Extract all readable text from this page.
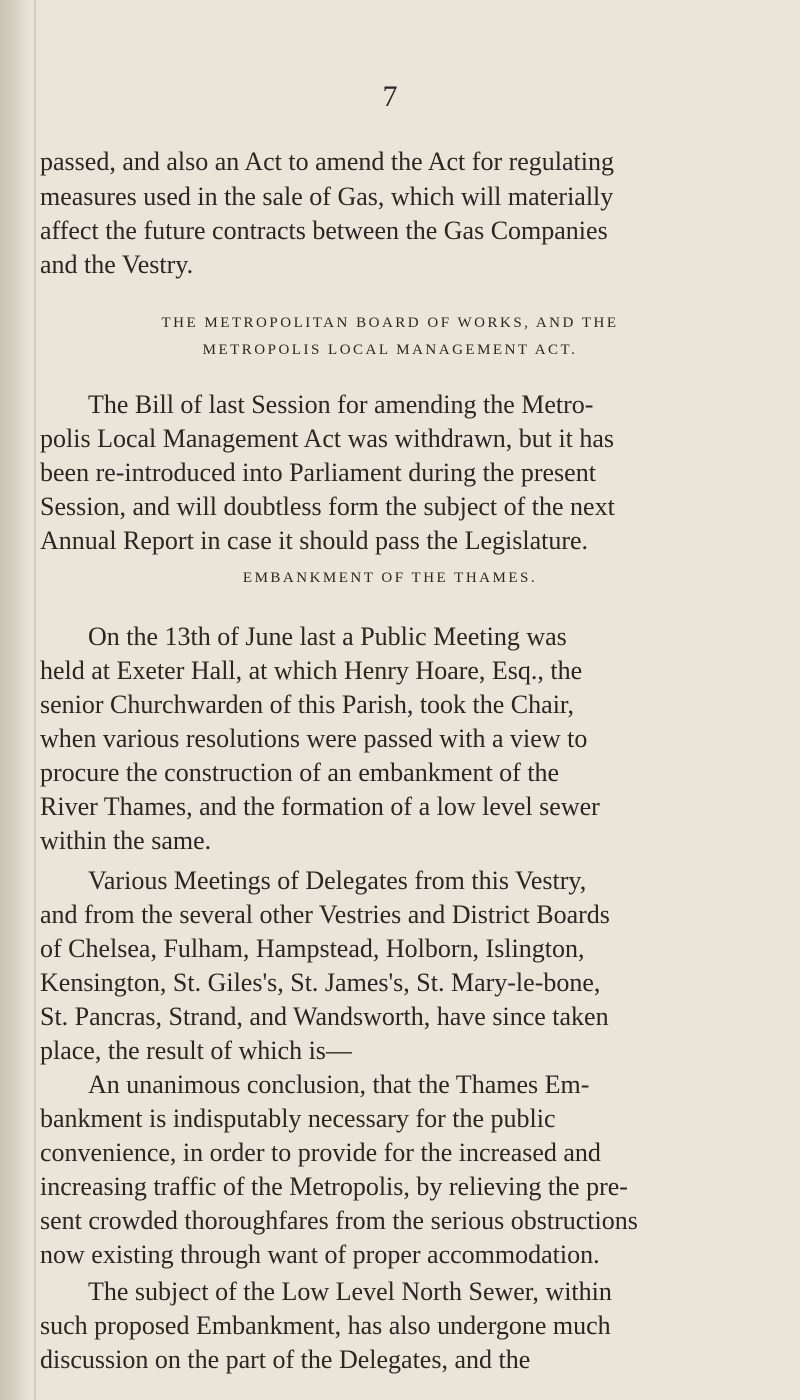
7
passed, and also an Act to amend the Act for regulating
measures used in the sale of Gas, which will materially
affect the future contracts between the Gas Companies
and the Vestry.
THE METROPOLITAN BOARD OF WORKS, AND THE
METROPOLIS LOCAL MANAGEMENT ACT.
The Bill of last Session for amending the Metro-
polis Local Management Act was withdrawn, but it has
been re-introduced into Parliament during the present
Session, and will doubtless form the subject of the next
Annual Report in case it should pass the Legislature.
EMBANKMENT OF THE THAMES.
On the 13th of June last a Public Meeting was
held at Exeter Hall, at which Henry Hoare, Esq., the
senior Churchwarden of this Parish, took the Chair,
when various resolutions were passed with a view to
procure the construction of an embankment of the
River Thames, and the formation of a low level sewer
within the same.
Various Meetings of Delegates from this Vestry,
and from the several other Vestries and District Boards
of Chelsea, Fulham, Hampstead, Holborn, Islington,
Kensington, St. Giles's, St. James's, St. Mary-le-bone,
St. Pancras, Strand, and Wandsworth, have since taken
place, the result of which is—
An unanimous conclusion, that the Thames Em-
bankment is indisputably necessary for the public
convenience, in order to provide for the increased and
increasing traffic of the Metropolis, by relieving the pre-
sent crowded thoroughfares from the serious obstructions
now existing through want of proper accommodation.
The subject of the Low Level North Sewer, within
such proposed Embankment, has also undergone much
discussion on the part of the Delegates, and the
